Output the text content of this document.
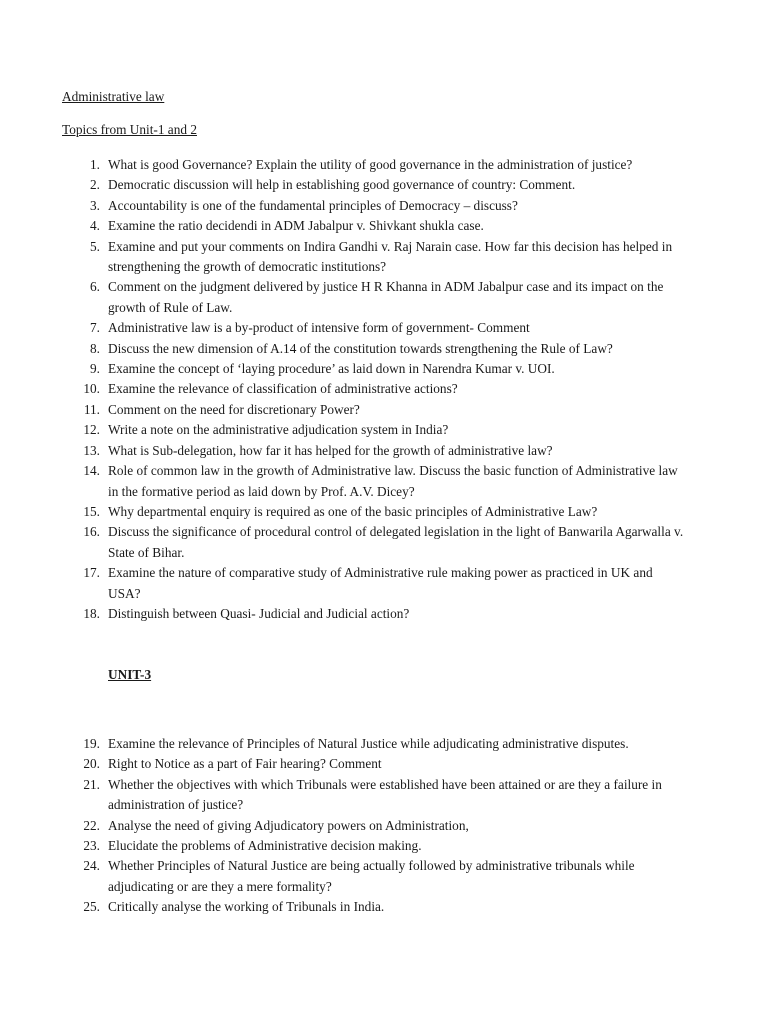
Administrative law
Topics from Unit-1 and 2
1. What is good Governance? Explain the utility of good governance in the administration of justice?
2. Democratic discussion will help in establishing good governance of country: Comment.
3. Accountability is one of the fundamental principles of Democracy – discuss?
4. Examine the ratio decidendi in ADM Jabalpur v. Shivkant shukla case.
5. Examine and put your comments on Indira Gandhi v. Raj Narain case. How far this decision has helped in strengthening the growth of democratic institutions?
6. Comment on the judgment delivered by justice H R Khanna in ADM Jabalpur case and its impact on the growth of Rule of Law.
7. Administrative law is a by-product of intensive form of government- Comment
8. Discuss the new dimension of A.14 of the constitution towards strengthening the Rule of Law?
9. Examine the concept of ‘laying procedure’ as laid down in Narendra Kumar v. UOI.
10. Examine the relevance of classification of administrative actions?
11. Comment on the need for discretionary Power?
12. Write a note on the administrative adjudication system in India?
13. What is Sub-delegation, how far it has helped for the growth of administrative law?
14. Role of common law in the growth of Administrative law. Discuss the basic function of Administrative law in the formative period as laid down by Prof. A.V. Dicey?
15. Why departmental enquiry is required as one of the basic principles of Administrative Law?
16. Discuss the significance of procedural control of delegated legislation in the light of Banwarila Agarwalla v. State of Bihar.
17. Examine the nature of comparative study of Administrative rule making power as practiced in UK and USA?
18. Distinguish between Quasi- Judicial and Judicial action?
UNIT-3
19. Examine the relevance of Principles of Natural Justice while adjudicating administrative disputes.
20. Right to Notice as a part of Fair hearing? Comment
21. Whether the objectives with which Tribunals were established have been attained or are they a failure in administration of justice?
22. Analyse the need of giving Adjudicatory powers on Administration,
23. Elucidate the problems of Administrative decision making.
24. Whether Principles of Natural Justice are being actually followed by administrative tribunals while adjudicating or are they a mere formality?
25. Critically analyse the working of Tribunals in India.
